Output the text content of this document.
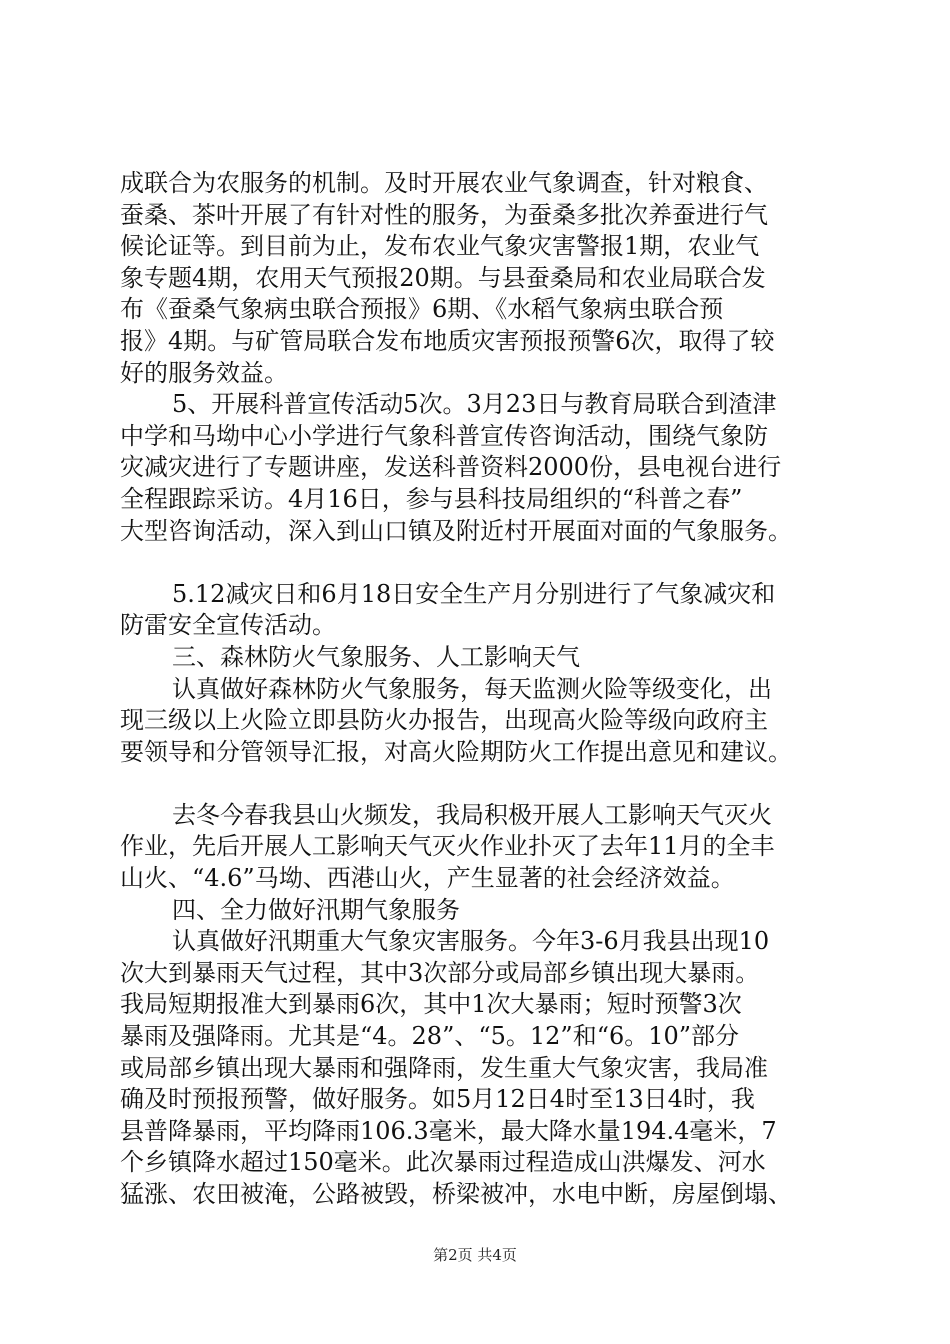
成联合为农服务的机制。及时开展农业气象调查，针对粮食、
蚕桑、茶叶开展了有针对性的服务，为蚕桑多批次养蚕进行气
候论证等。到目前为止，发布农业气象灾害警报1期，农业气
象专题4期，农用天气预报20期。与县蚕桑局和农业局联合发
布《蚕桑气象病虫联合预报》6期、《水稻气象病虫联合预
报》4期。与矿管局联合发布地质灾害预报预警6次，取得了较
好的服务效益。
5、开展科普宣传活动5次。3月23日与教育局联合到渣津
中学和马坳中心小学进行气象科普宣传咨询活动，围绕气象防
灾减灾进行了专题讲座，发送科普资料2000份，县电视台进行
全程跟踪采访。4月16日，参与县科技局组织的“科普之春”
大型咨询活动，深入到山口镇及附近村开展面对面的气象服务。
5.12减灾日和6月18日安全生产月分别进行了气象减灾和
防雷安全宣传活动。
三、森林防火气象服务、人工影响天气
认真做好森林防火气象服务，每天监测火险等级变化，出
现三级以上火险立即县防火办报告，出现高火险等级向政府主
要领导和分管领导汇报，对高火险期防火工作提出意见和建议。
去冬今春我县山火频发，我局积极开展人工影响天气灭火
作业，先后开展人工影响天气灭火作业扑灭了去年11月的全丰
山火、“4.6”马坳、西港山火，产生显著的社会经济效益。
四、全力做好汛期气象服务
认真做好汛期重大气象灾害服务。今年3-6月我县出现10
次大到暴雨天气过程，其中3次部分或局部乡镇出现大暴雨。
我局短期报准大到暴雨6次，其中1次大暴雨；短时预警3次
暴雨及强降雨。尤其是“4。28”、“5。12”和“6。10”部分
或局部乡镇出现大暴雨和强降雨，发生重大气象灾害，我局准
确及时预报预警，做好服务。如5月12日4时至13日4时，我
县普降暴雨，平均降雨106.3毫米，最大降水量194.4毫米，7
个乡镇降水超过150毫米。此次暴雨过程造成山洪爆发、河水
猛涨、农田被淹，公路被毁，桥梁被冲，水电中断，房屋倒塌、
第2页 共4页
